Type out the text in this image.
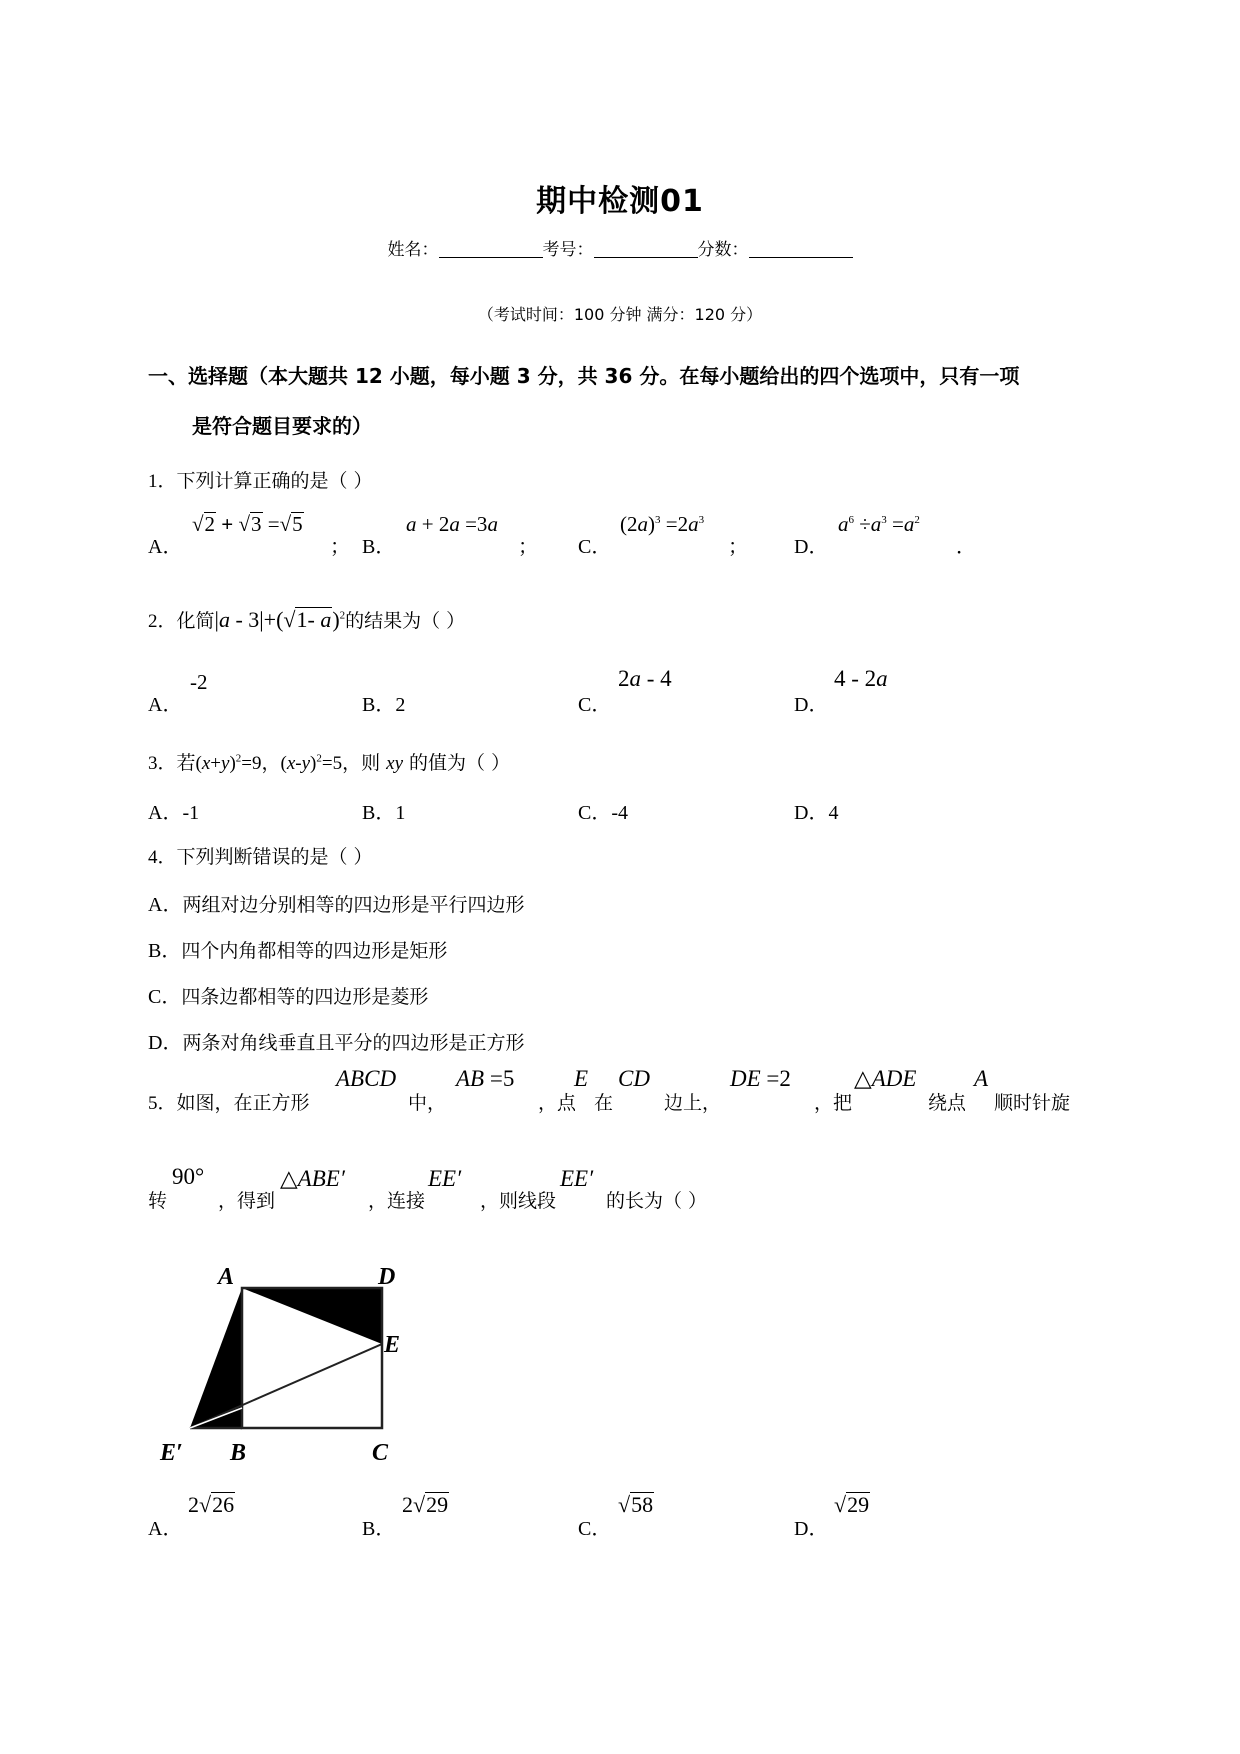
期中检测01
姓名：	考号：	分数：
（考试时间：100 分钟 满分：120 分）
一、选择题（本大题共 12 小题，每小题 3 分，共 36 分。在每小题给出的四个选项中，只有一项
是符合题目要求的）
1．下列计算正确的是（ ）
A．
√2 + √3 =√5
； B．
a + 2a =3a
； C．
$(2a)^3 =2a^3$
； D．
$a^6 \div a^3 =a^2$
．
2．化简|a - 3|+(√1- a)$^2$的结果为（ ）
A．
-2
B．2	C．
2a - 4
D．
4 - 2a
3．若$(x+y)^2=9$，$(x-y)^2=5$，则 xy 的值为（ ）
A．-1	B．1	C．-4	D．4
4．下列判断错误的是（ ）
A．两组对边分别相等的四边形是平行四边形
B．四个内角都相等的四边形是矩形
C．四条边都相等的四边形是菱形
D．两条对角线垂直且平分的四边形是正方形
5．如图，在正方形
ABCD
中，
AB =5
，点
E
在
CD
边上，
DE =2
，把
△ADE
绕点
A
顺时针旋
转
90°
，得到
△ABE′
，连接
EE′
，则线段
EE′
的长为（ ）
A	D
E
E′ B	C
A．
2√26
B．
2√29
C．
√58
D．
√29
